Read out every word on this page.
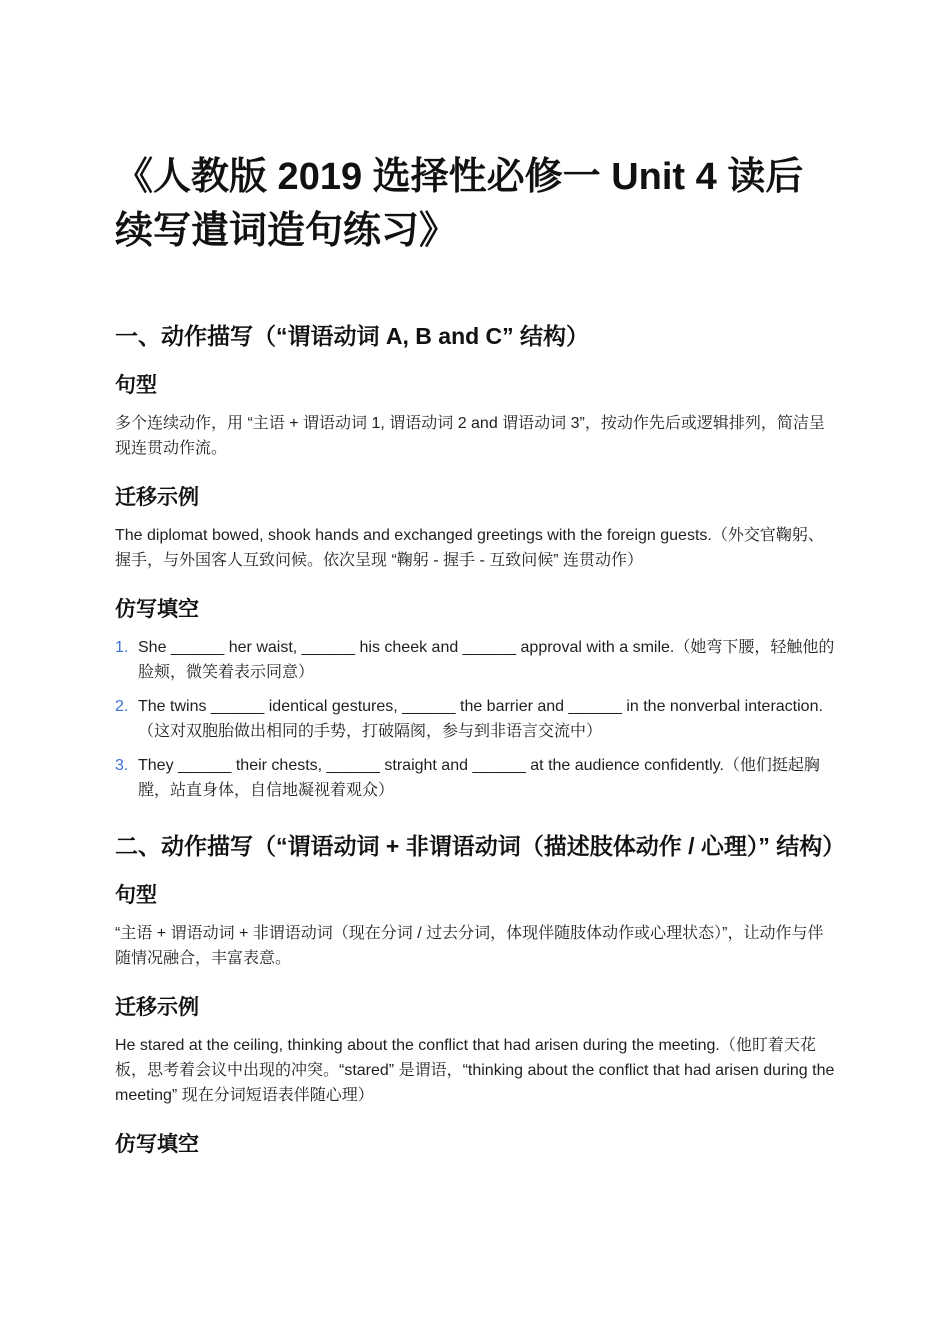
《人教版 2019 选择性必修一 Unit 4 读后续写遣词造句练习》
一、动作描写（“谓语动词 A, B and C” 结构）
句型

多个连续动作，用 “主语 + 谓语动词 1, 谓语动词 2 and 谓语动词 3”，按动作先后或逻辑排列，简洁呈现连贯动作流。

迁移示例

The diplomat bowed, shook hands and exchanged greetings with the foreign guests.（外交官鞠躬、握手，与外国客人互致问候。依次呈现 “鞠躬 - 握手 - 互致问候” 连贯动作）

仿写填空
1. She ______ her waist, ______ his cheek and ______ approval with a smile.（她弯下腰，轻触他的脸颊，微笑着表示同意）
2. The twins ______ identical gestures, ______ the barrier and ______ in the nonverbal interaction.（这对双胞胎做出相同的手势，打破隔阂，参与到非语言交流中）
3. They ______ their chests, ______ straight and ______ at the audience confidently.（他们挺起胸膛，站直身体，自信地凝视着观众）
二、动作描写（“谓语动词 + 非谓语动词（描述肢体动作 / 心理）” 结构）
句型

“主语 + 谓语动词 + 非谓语动词（现在分词 / 过去分词，体现伴随肢体动作或心理状态）”，让动作与伴随情况融合，丰富表意。

迁移示例

He stared at the ceiling, thinking about the conflict that had arisen during the meeting.（他盯着天花板，思考着会议中出现的冲突。“stared” 是谓语，“thinking about the conflict that had arisen during the meeting” 现在分词短语表伴随心理）

仿写填空
